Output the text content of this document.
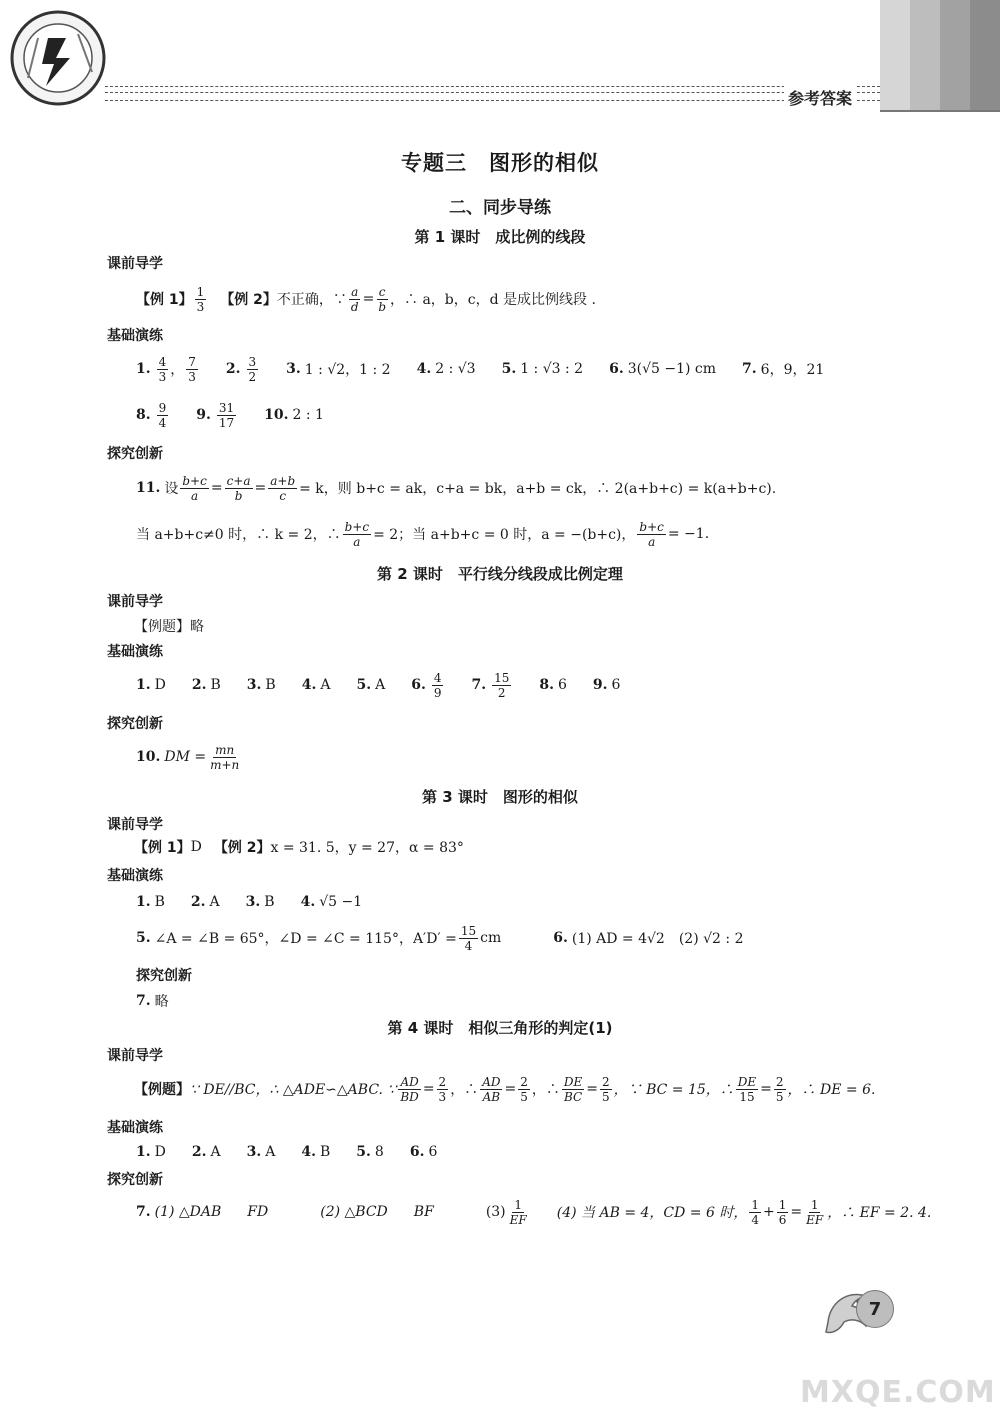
参考答案
专题三　图形的相似
二、同步导练
第 1 课时　成比例的线段
课前导学
【例 1】 $\frac{1}{3}$ 【例 2】 不正确，∵ $\frac{a}{d} = \frac{c}{b}$ ，∴ a，b，c，d 是成比例线段 .
基础演练
1. $\frac{4}{3}$ ， $\frac{7}{3} 2$. $\frac{3}{2} 3$. 1 : √2，1 : 2 4. 2 : √3 5. 1 : √3 : 2 6. 3(√5 −1) cm 7. 6，9，21
8. $\frac{9}{4} 9$. $\frac{31}{17} 10$. 2 : 1
探究创新
11. 设 $\frac{b+c}{a} = \frac{c+a}{b} = \frac{a+b}{c} = k$，则 b+c = ak，c+a = bk，a+b = ck，∴ 2(a+b+c) = k(a+b+c).
当 a+b+c≠0 时，∴ k = 2，∴ $\frac{b+c}{a} = 2$；当 a+b+c = 0 时，a = −(b+c)， $\frac{b+c}{a} = -1$.
第 2 课时　平行线分线段成比例定理
课前导学
【例题】略
基础演练
1. D 2. B 3. B 4. A 5. A 6. $\frac{4}{9} 7$. $\frac{15}{2} 8$. 6 9. 6
探究创新
10. DM = $\frac{mn}{m+n}$
第 3 课时　图形的相似
课前导学
【例 1】 D 【例 2】 x = 31. 5，y = 27，α = 83°
基础演练
1. B 2. A 3. B 4. √5 −1
5. ∠A = ∠B = 65°，∠D = ∠C = 115°，$A'D' = \frac{15}{4}$ cm	6. (1) AD = 4√2　(2) √2 : 2
探究创新
7. 略
第 4 课时　相似三角形的判定(1)
课前导学
【例题】 ∵ DE//BC，∴ △ADE∽△ABC. ∵ $\frac{AD}{BD} = \frac{2}{3}$ ，∴ $\frac{AD}{AB} = \frac{2}{5}$ ，∴ $\frac{DE}{BC} = \frac{2}{5}$ ，∵ BC = 15，∴ $\frac{DE}{15} = \frac{2}{5}$ ，∴ DE = 6.
基础演练
1. D 2. A 3. A 4. B 5. 8 6. 6
探究创新
7. (1) △DAB FD	(2) △BCD BF	$(3) \frac{1}{EF} (4)$ 当 AB = 4，CD = 6 时， $\frac{1}{4} + \frac{1}{6} = \frac{1}{EF}$ ，∴ EF = 2. 4.
7
MXQE.COM
